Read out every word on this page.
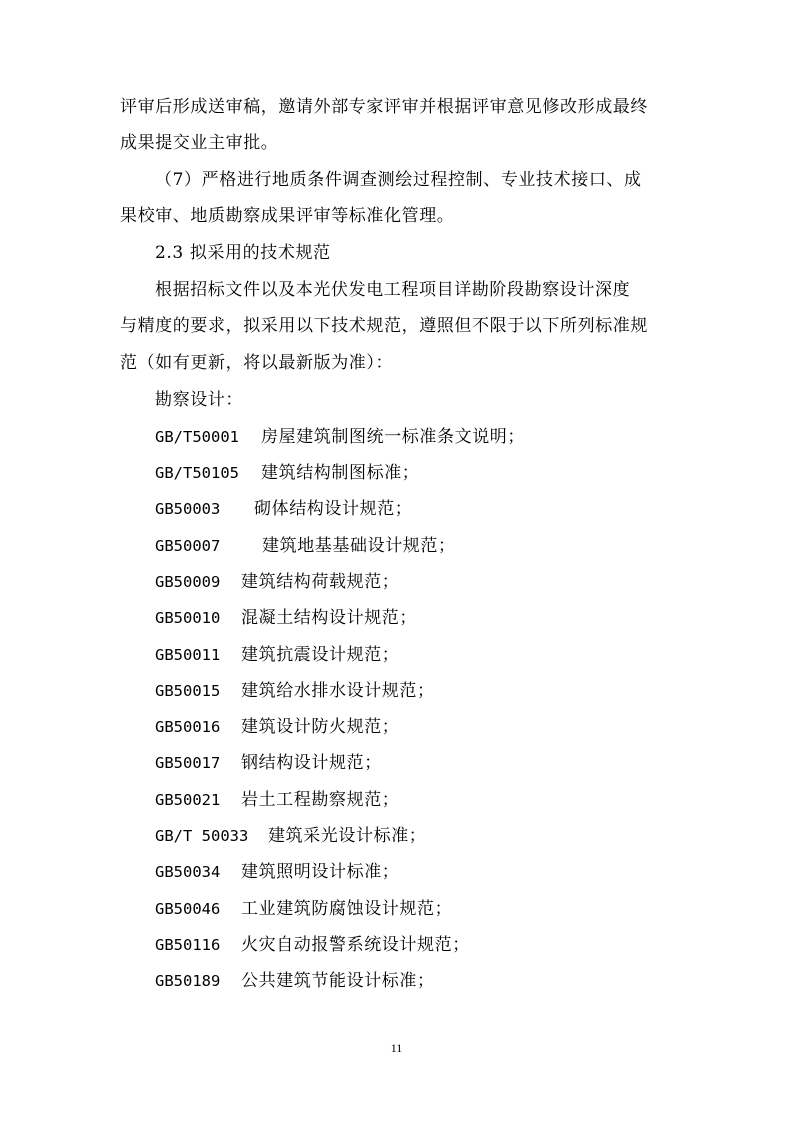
评审后形成送审稿，邀请外部专家评审并根据评审意见修改形成最终
成果提交业主审批。
（7）严格进行地质条件调查测绘过程控制、专业技术接口、成
果校审、地质勘察成果评审等标准化管理。
2.3 拟采用的技术规范
根据招标文件以及本光伏发电工程项目详勘阶段勘察设计深度
与精度的要求，拟采用以下技术规范，遵照但不限于以下所列标准规
范（如有更新，将以最新版为准）：
勘察设计：
GB/T50001 房屋建筑制图统一标准条文说明；
GB/T50105 建筑结构制图标准；
GB50003 砌体结构设计规范；
GB50007 建筑地基基础设计规范；
GB50009 建筑结构荷载规范；
GB50010 混凝土结构设计规范；
GB50011 建筑抗震设计规范；
GB50015 建筑给水排水设计规范；
GB50016 建筑设计防火规范；
GB50017 钢结构设计规范；
GB50021 岩土工程勘察规范；
GB/T 50033 建筑采光设计标准；
GB50034 建筑照明设计标准；
GB50046 工业建筑防腐蚀设计规范；
GB50116 火灾自动报警系统设计规范；
GB50189 公共建筑节能设计标准；
11
